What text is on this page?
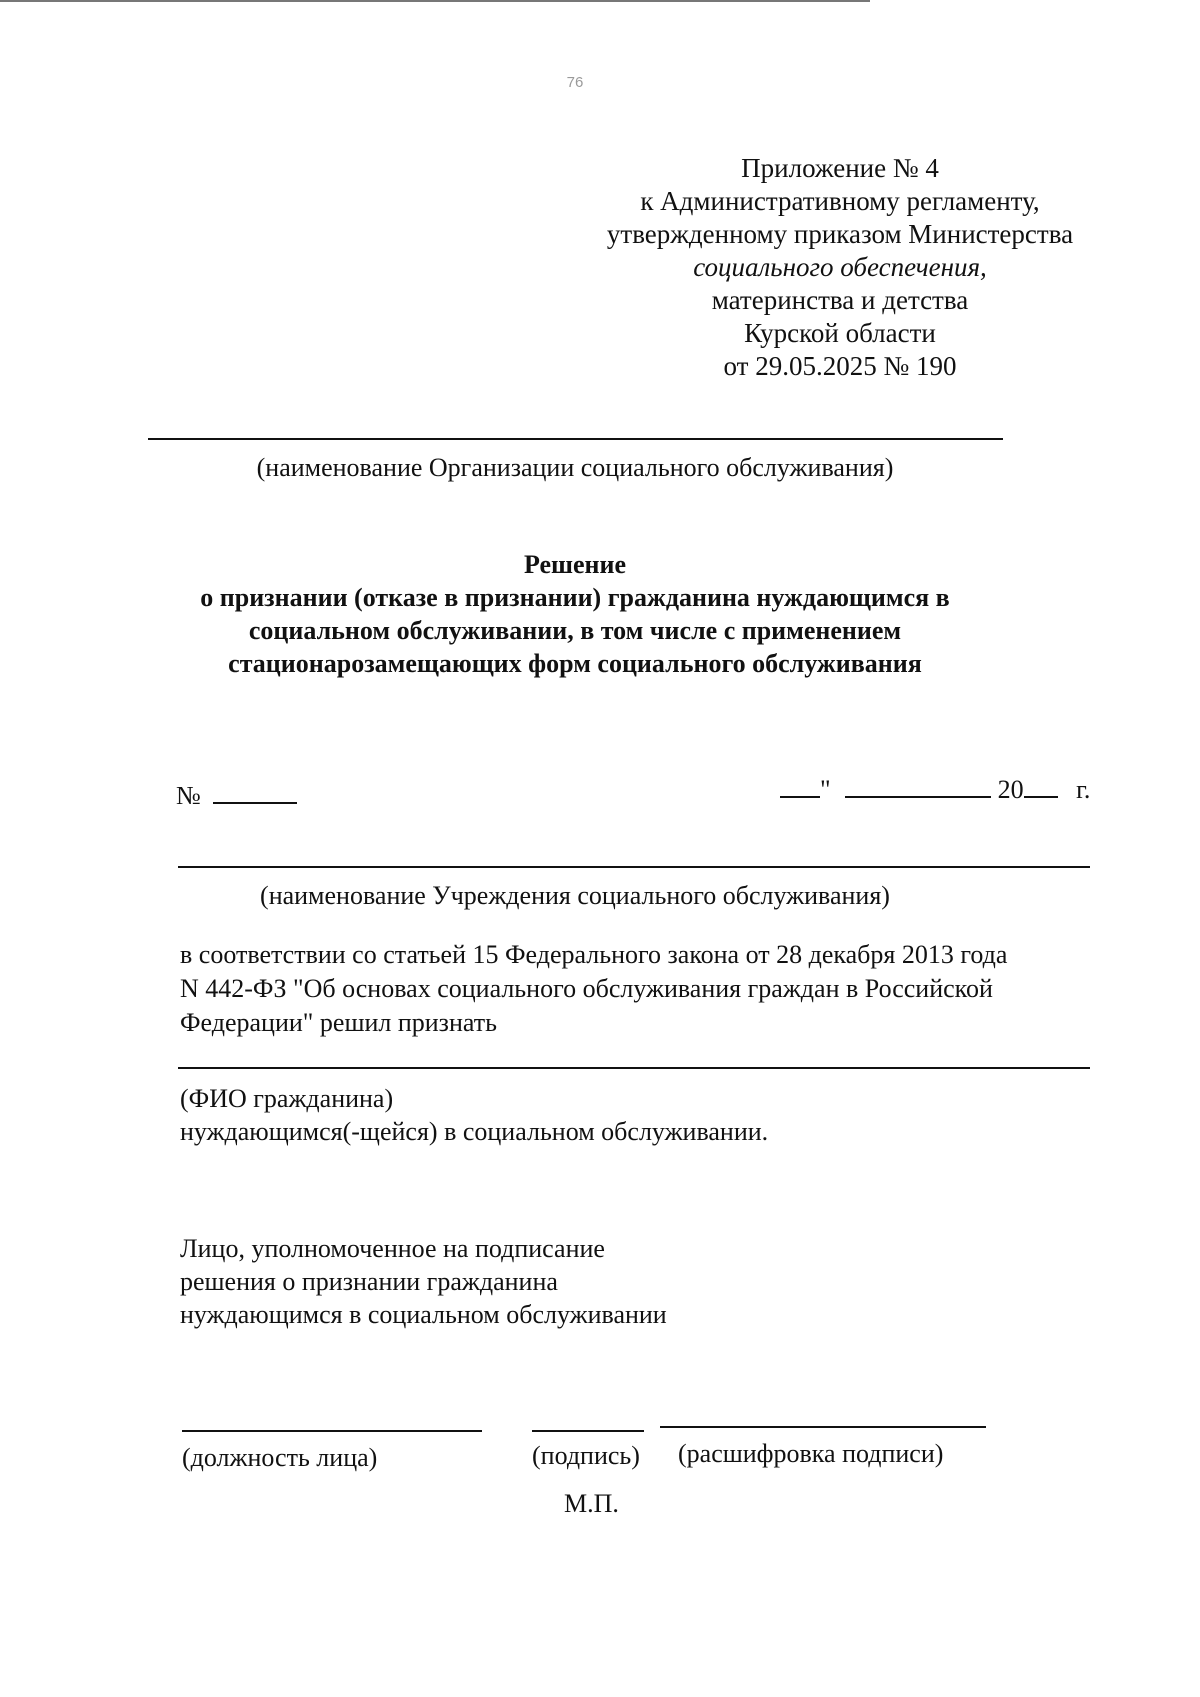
76
Приложение № 4
к Административному регламенту,
утвержденному приказом Министерства
социального обеспечения,
материнства и детства
Курской области
от 29.05.2025 № 190
(наименование Организации социального обслуживания)
Решение
о признании (отказе в признании) гражданина нуждающимся в
социальном обслуживании, в том числе с применением
стационарозамещающих форм социального обслуживания
№	"	20 г.
(наименование Учреждения социального обслуживания)
в соответствии со статьей 15 Федерального закона от 28 декабря 2013 года
N 442-ФЗ "Об основах социального обслуживания граждан в Российской
Федерации" решил признать
(ФИО гражданина)
нуждающимся(-щейся) в социальном обслуживании.
Лицо, уполномоченное на подписание
решения о признании гражданина
нуждающимся в социальном обслуживании
(должность лица)	(подпись) (расшифровка подписи)
М.П.
